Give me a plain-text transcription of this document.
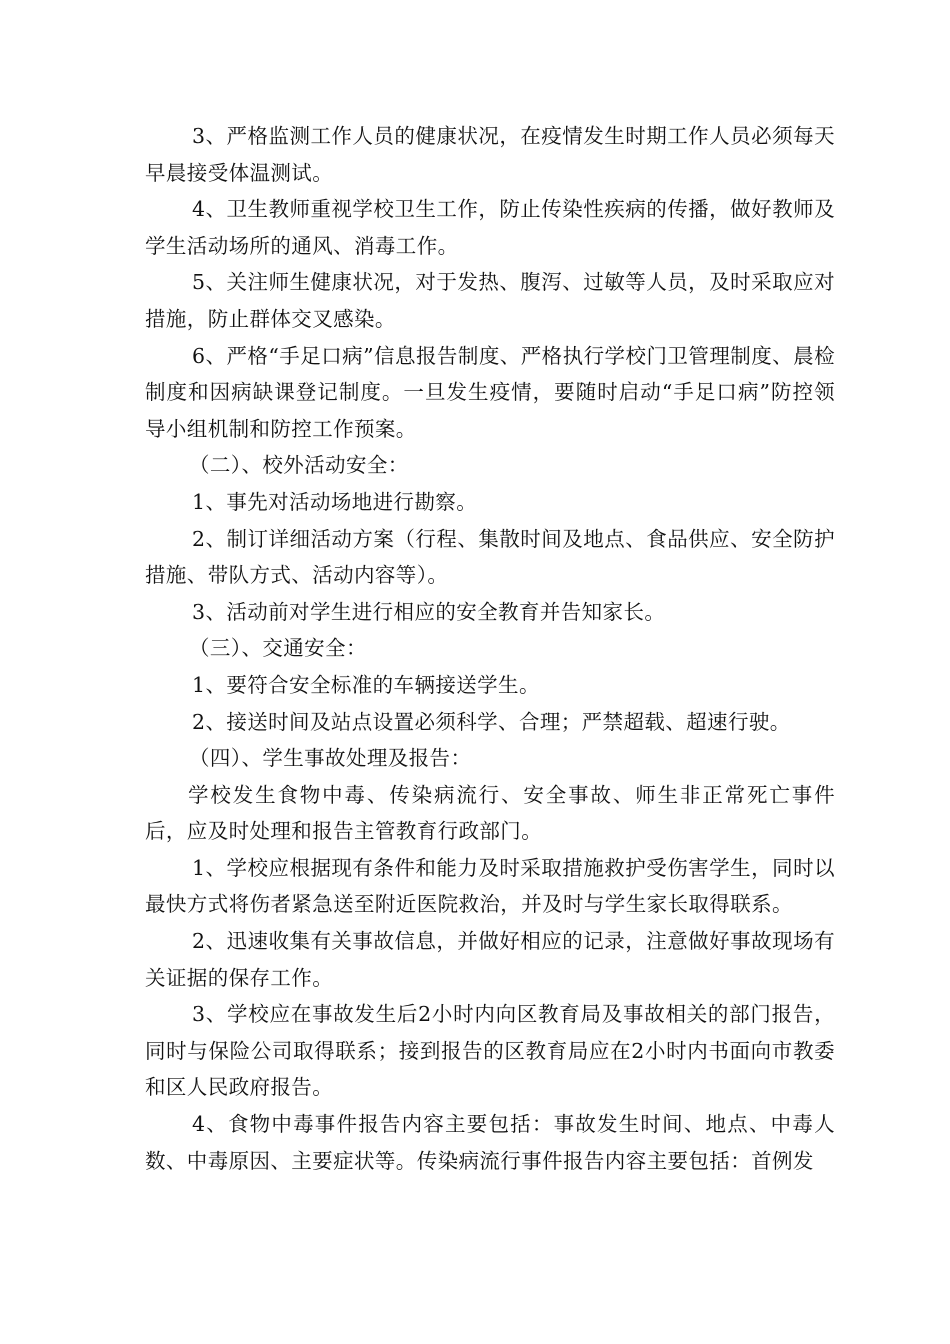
3、严格监测工作人员的健康状况，在疫情发生时期工作人员必须每天早晨接受体温测试。

4、卫生教师重视学校卫生工作，防止传染性疾病的传播，做好教师及学生活动场所的通风、消毒工作。

5、关注师生健康状况，对于发热、腹泻、过敏等人员，及时采取应对措施，防止群体交叉感染。

6、严格“手足口病”信息报告制度、严格执行学校门卫管理制度、晨检制度和因病缺课登记制度。一旦发生疫情，要随时启动“手足口病”防控领导小组机制和防控工作预案。

（二）、校外活动安全：

1、事先对活动场地进行勘察。

2、制订详细活动方案（行程、集散时间及地点、食品供应、安全防护措施、带队方式、活动内容等）。

3、活动前对学生进行相应的安全教育并告知家长。

（三）、交通安全：

1、要符合安全标准的车辆接送学生。

2、接送时间及站点设置必须科学、合理；严禁超载、超速行驶。

（四）、学生事故处理及报告：

学校发生食物中毒、传染病流行、安全事故、师生非正常死亡事件后，应及时处理和报告主管教育行政部门。

1、学校应根据现有条件和能力及时采取措施救护受伤害学生，同时以最快方式将伤者紧急送至附近医院救治，并及时与学生家长取得联系。

2、迅速收集有关事故信息，并做好相应的记录，注意做好事故现场有关证据的保存工作。

3、学校应在事故发生后2小时内向区教育局及事故相关的部门报告，同时与保险公司取得联系；接到报告的区教育局应在2小时内书面向市教委和区人民政府报告。

4、食物中毒事件报告内容主要包括：事故发生时间、地点、中毒人数、中毒原因、主要症状等。传染病流行事件报告内容主要包括：首例发
